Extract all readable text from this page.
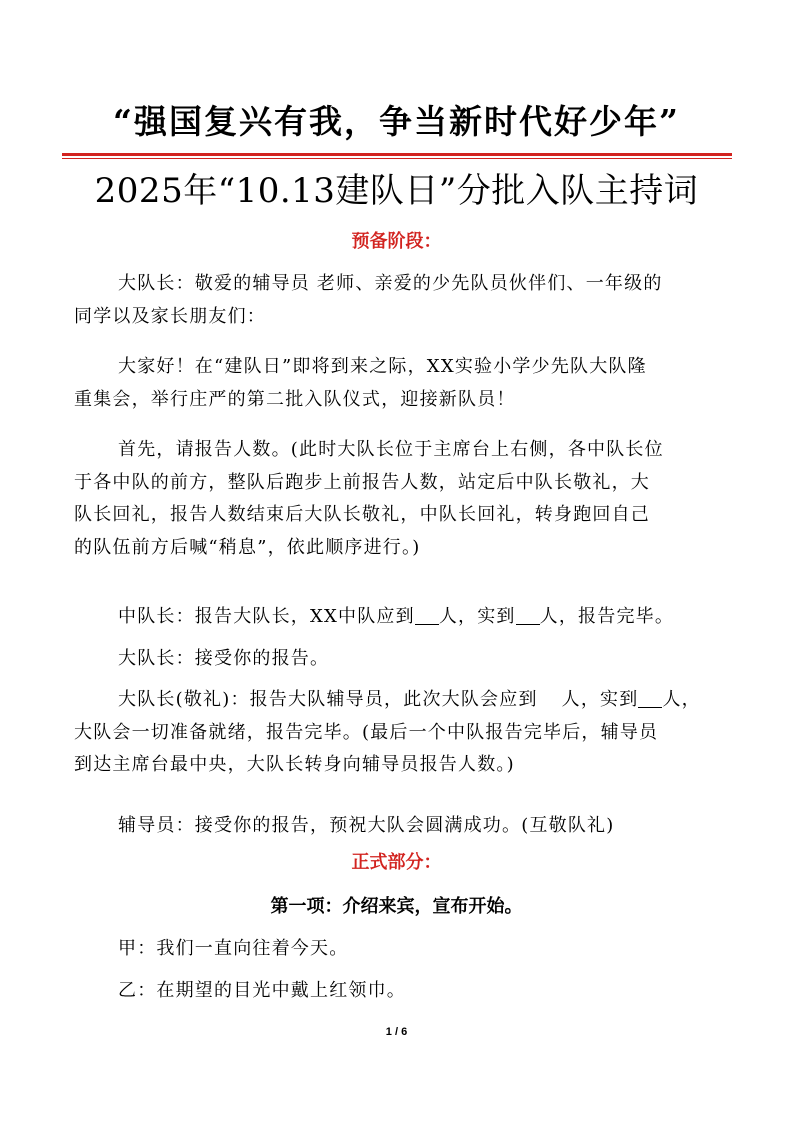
“强国复兴有我，争当新时代好少年”
2025年“10.13建队日”分批入队主持词
预备阶段：
大队长：敬爱的辅导员 老师、亲爱的少先队员伙伴们、一年级的
同学以及家长朋友们：
大家好！在“建队日”即将到来之际，XX实验小学少先队大队隆
重集会，举行庄严的第二批入队仪式，迎接新队员！
首先，请报告人数。(此时大队长位于主席台上右侧，各中队长位
于各中队的前方，整队后跑步上前报告人数，站定后中队长敬礼，大
队长回礼，报告人数结束后大队长敬礼，中队长回礼，转身跑回自己
的队伍前方后喊“稍息”，依此顺序进行。)
中队长：报告大队长，XX中队应到 人，实到 人，报告完毕。
大队长：接受你的报告。
大队长(敬礼)：报告大队辅导员，此次大队会应到 人，实到 人，
大队会一切准备就绪，报告完毕。(最后一个中队报告完毕后，辅导员
到达主席台最中央，大队长转身向辅导员报告人数。)
辅导员：接受你的报告，预祝大队会圆满成功。(互敬队礼)
正式部分：
第一项：介绍来宾，宣布开始。
甲：我们一直向往着今天。
乙：在期望的目光中戴上红领巾。
1 / 6
